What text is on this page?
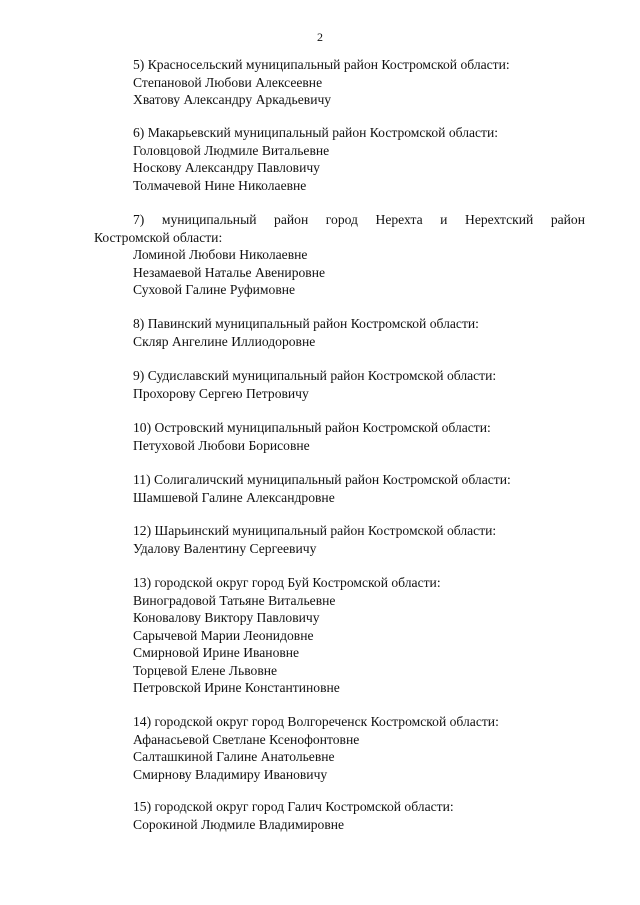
2
5) Красносельский муниципальный район Костромской области:
Степановой Любови Алексеевне
Хватову Александру Аркадьевичу
6) Макарьевский муниципальный район Костромской области:
Головцовой Людмиле Витальевне
Носкову Александру Павловичу
Толмачевой Нине Николаевне
7) муниципальный район город Нерехта и Нерехтский район
Костромской области:
Ломиной Любови Николаевне
Незамаевой Наталье Авенировне
Суховой Галине Руфимовне
8) Павинский муниципальный район Костромской области:
Скляр Ангелине Иллиодоровне
9) Судиславский муниципальный район Костромской области:
Прохорову Сергею Петровичу
10) Островский муниципальный район Костромской области:
Петуховой Любови Борисовне
11) Солигаличский муниципальный район Костромской области:
Шамшевой Галине Александровне
12) Шарьинский муниципальный район Костромской области:
Удалову Валентину Сергеевичу
13) городской округ город Буй Костромской области:
Виноградовой Татьяне Витальевне
Коновалову Виктору Павловичу
Сарычевой Марии Леонидовне
Смирновой Ирине Ивановне
Торцевой Елене Львовне
Петровской Ирине Константиновне
14) городской округ город Волгореченск Костромской области:
Афанасьевой Светлане Ксенофонтовне
Салташкиной Галине Анатольевне
Смирнову Владимиру Ивановичу
15) городской округ город Галич Костромской области:
Сорокиной Людмиле Владимировне
